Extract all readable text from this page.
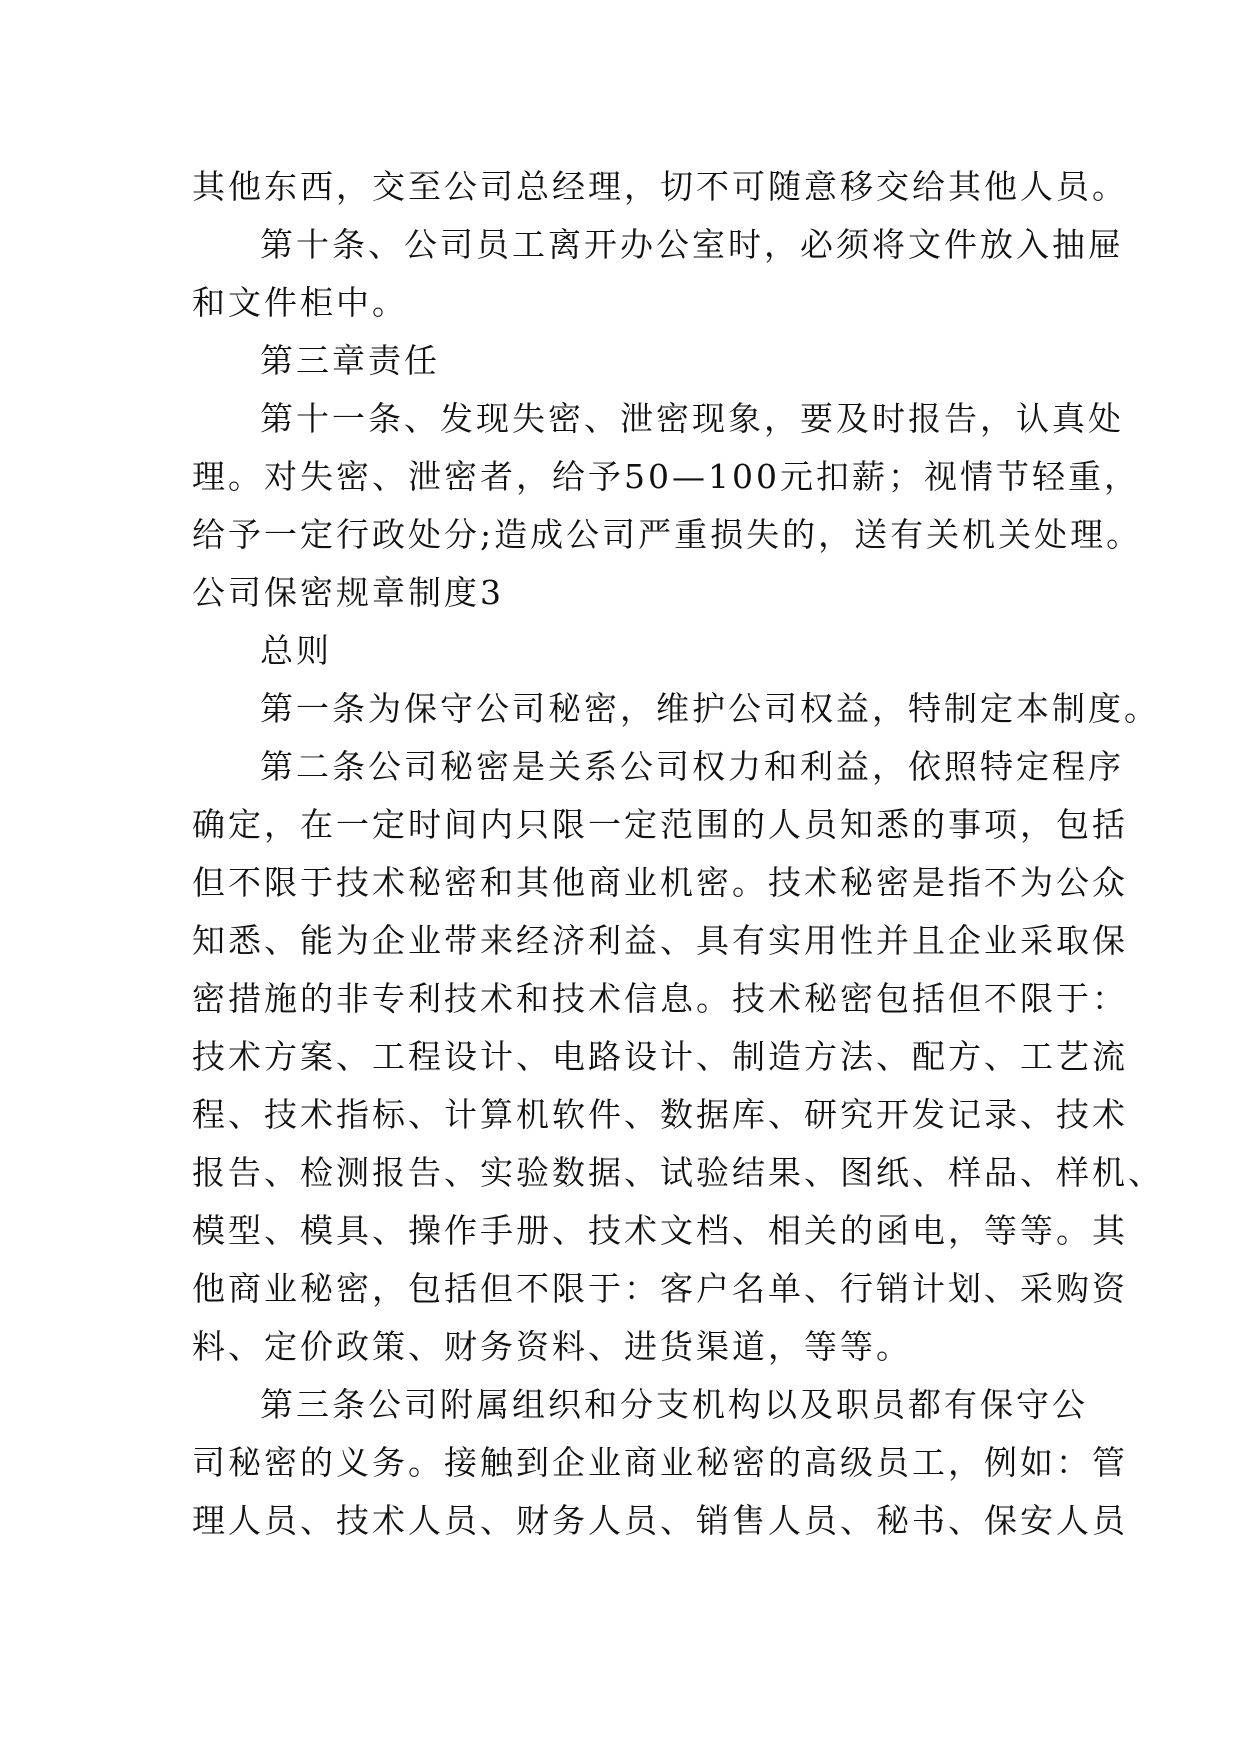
其他东西，交至公司总经理，切不可随意移交给其他人员。
第十条、公司员工离开办公室时，必须将文件放入抽屉
和文件柜中。
第三章责任
第十一条、发现失密、泄密现象，要及时报告，认真处
理。对失密、泄密者，给予50—100元扣薪；视情节轻重，
给予一定行政处分;造成公司严重损失的，送有关机关处理。
公司保密规章制度3
总则
第一条为保守公司秘密，维护公司权益，特制定本制度。
第二条公司秘密是关系公司权力和利益，依照特定程序
确定，在一定时间内只限一定范围的人员知悉的事项，包括
但不限于技术秘密和其他商业机密。技术秘密是指不为公众
知悉、能为企业带来经济利益、具有实用性并且企业采取保
密措施的非专利技术和技术信息。技术秘密包括但不限于：
技术方案、工程设计、电路设计、制造方法、配方、工艺流
程、技术指标、计算机软件、数据库、研究开发记录、技术
报告、检测报告、实验数据、试验结果、图纸、样品、样机、
模型、模具、操作手册、技术文档、相关的函电，等等。其
他商业秘密，包括但不限于：客户名单、行销计划、采购资
料、定价政策、财务资料、进货渠道，等等。
第三条公司附属组织和分支机构以及职员都有保守公
司秘密的义务。接触到企业商业秘密的高级员工，例如：管
理人员、技术人员、财务人员、销售人员、秘书、保安人员
